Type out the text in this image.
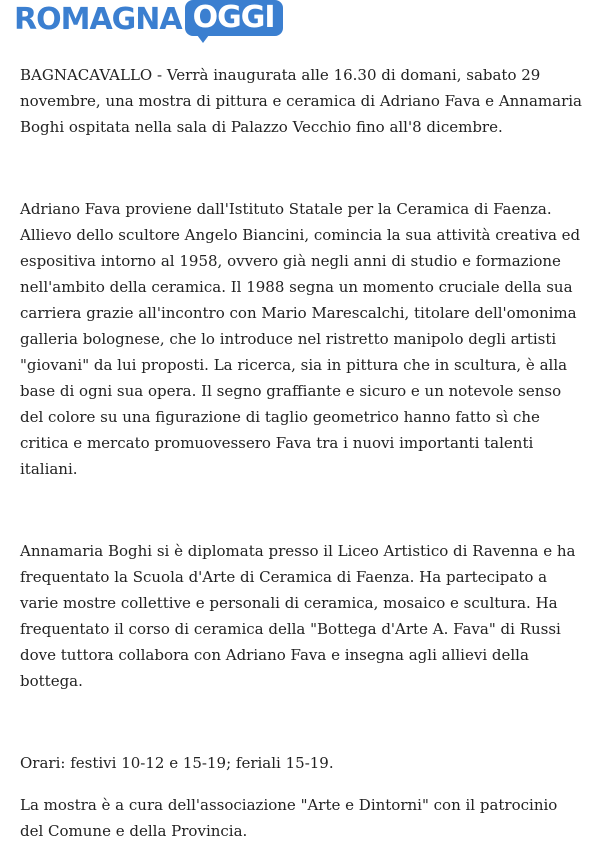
ROMAGNA OGGI

BAGNACAVALLO - Verrà inaugurata alle 16.30 di domani, sabato 29 novembre, una mostra di pittura e ceramica di Adriano Fava e Annamaria Boghi ospitata nella sala di Palazzo Vecchio fino all'8 dicembre.

Adriano Fava proviene dall'Istituto Statale per la Ceramica di Faenza. Allievo dello scultore Angelo Biancini, comincia la sua attività creativa ed espositiva intorno al 1958, ovvero già negli anni di studio e formazione nell'ambito della ceramica. Il 1988 segna un momento cruciale della sua carriera grazie all'incontro con Mario Marescalchi, titolare dell'omonima galleria bolognese, che lo introduce nel ristretto manipolo degli artisti "giovani" da lui proposti. La ricerca, sia in pittura che in scultura, è alla base di ogni sua opera. Il segno graffiante e sicuro e un notevole senso del colore su una figurazione di taglio geometrico hanno fatto sì che critica e mercato promuovessero Fava tra i nuovi importanti talenti italiani.

Annamaria Boghi si è diplomata presso il Liceo Artistico di Ravenna e ha frequentato la Scuola d'Arte di Ceramica di Faenza. Ha partecipato a varie mostre collettive e personali di ceramica, mosaico e scultura. Ha frequentato il corso di ceramica della "Bottega d'Arte A. Fava" di Russi dove tuttora collabora con Adriano Fava e insegna agli allievi della bottega.

Orari: festivi 10-12 e 15-19; feriali 15-19.

La mostra è a cura dell'associazione "Arte e Dintorni" con il patrocinio del Comune e della Provincia.
